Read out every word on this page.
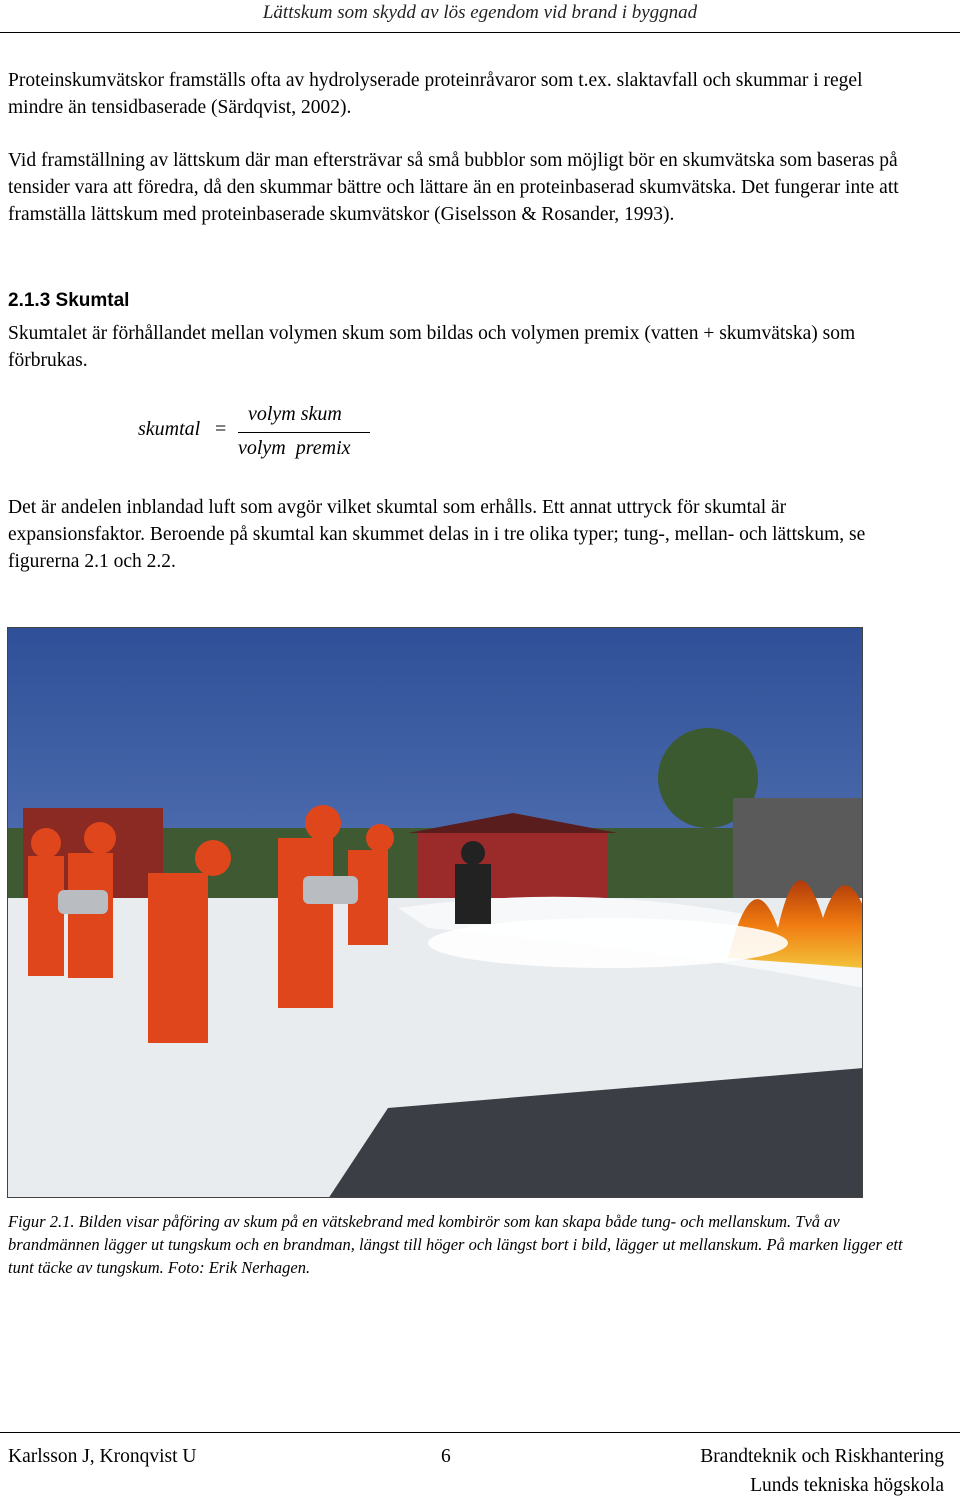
Lättskum som skydd av lös egendom vid brand i byggnad

Proteinskumvätskor framställs ofta av hydrolyserade proteinråvaror som t.ex. slaktavfall och skummar i regel mindre än tensidbaserade (Särdqvist, 2002).

Vid framställning av lättskum där man eftersträvar så små bubblor som möjligt bör en skumvätska som baseras på tensider vara att föredra, då den skummar bättre och lättare än en proteinbaserad skumvätska. Det fungerar inte att framställa lättskum med proteinbaserade skumvätskor (Giselsson & Rosander, 1993).

2.1.3 Skumtal

Skumtalet är förhållandet mellan volymen skum som bildas och volymen premix (vatten + skumvätska) som förbrukas.

skumtal =
volym skum
volym  premix

Det är andelen inblandad luft som avgör vilket skumtal som erhålls. Ett annat uttryck för skumtal är expansionsfaktor. Beroende på skumtal kan skummet delas in i tre olika typer; tung-, mellan- och lättskum, se figurerna 2.1 och 2.2.

Figur 2.1. Bilden visar påföring av skum på en vätskebrand med kombirör som kan skapa både tung- och mellanskum. Två av brandmännen lägger ut tungskum och en brandman, längst till höger och längst bort i bild, lägger ut mellanskum. På marken ligger ett tunt täcke av tungskum. Foto: Erik Nerhagen.
Karlsson J, Kronqvist U	6	Brandteknik och Riskhantering
Lunds tekniska högskola
